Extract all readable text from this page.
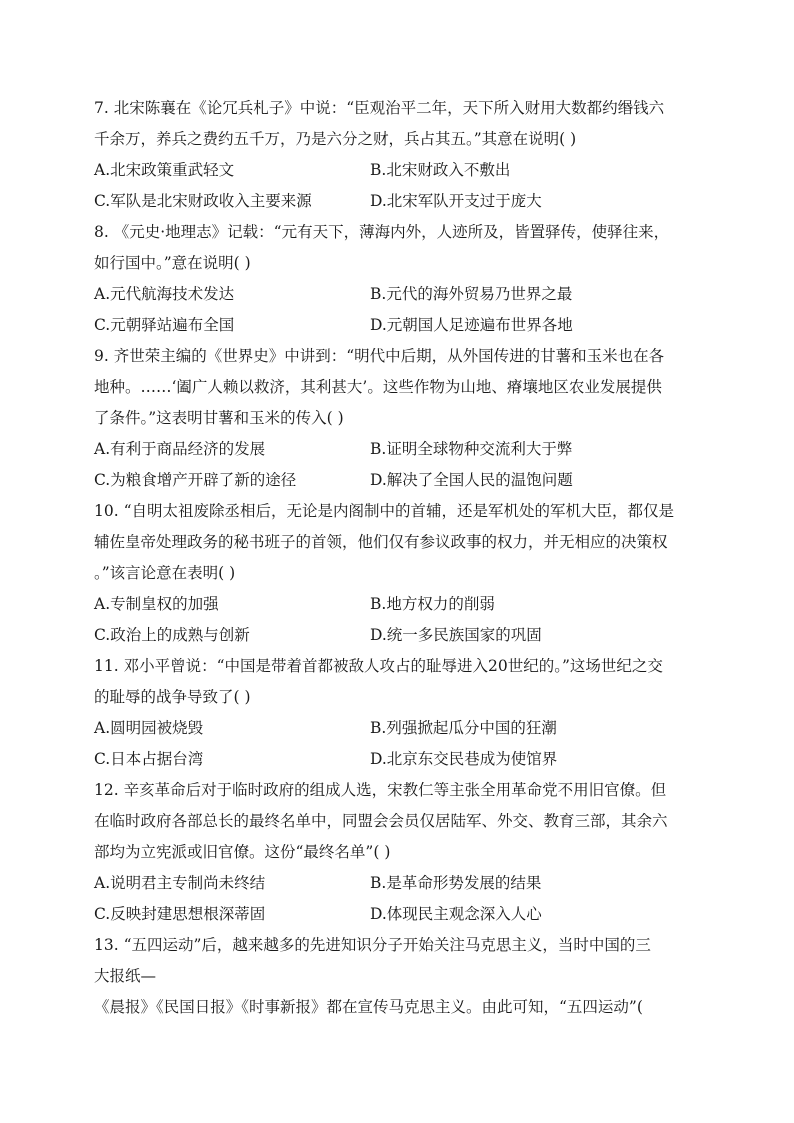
7. 北宋陈襄在《论冗兵札子》中说：“臣观治平二年，天下所入财用大数都约缗钱六
千余万，养兵之费约五千万，乃是六分之财，兵占其五。”其意在说明( )
A.北宋政策重武轻文	B.北宋财政入不敷出
C.军队是北宋财政收入主要来源	D.北宋军队开支过于庞大
8. 《元史·地理志》记载：“元有天下，薄海内外，人迹所及，皆置驿传，使驿往来，
如行国中。”意在说明( )
A.元代航海技术发达	B.元代的海外贸易乃世界之最
C.元朝驿站遍布全国	D.元朝国人足迹遍布世界各地
9. 齐世荣主编的《世界史》中讲到：“明代中后期，从外国传进的甘薯和玉米也在各
地种。……‘阖广人赖以救济，其利甚大’。这些作物为山地、瘠壤地区农业发展提供
了条件。”这表明甘薯和玉米的传入( )
A.有利于商品经济的发展	B.证明全球物种交流利大于弊
C.为粮食增产开辟了新的途径	D.解决了全国人民的温饱问题
10. “自明太祖废除丞相后，无论是内阁制中的首辅，还是军机处的军机大臣，都仅是
辅佐皇帝处理政务的秘书班子的首领，他们仅有参议政事的权力，并无相应的决策权
。”该言论意在表明( )
A.专制皇权的加强	B.地方权力的削弱
C.政治上的成熟与创新	D.统一多民族国家的巩固
11. 邓小平曾说：“中国是带着首都被敌人攻占的耻辱进入20世纪的。”这场世纪之交
的耻辱的战争导致了( )
A.圆明园被烧毁	B.列强掀起瓜分中国的狂潮
C.日本占据台湾	D.北京东交民巷成为使馆界
12. 辛亥革命后对于临时政府的组成人选，宋教仁等主张全用革命党不用旧官僚。但
在临时政府各部总长的最终名单中，同盟会会员仅居陆军、外交、教育三部，其余六
部均为立宪派或旧官僚。这份“最终名单”( )
A.说明君主专制尚未终结	B.是革命形势发展的结果
C.反映封建思想根深蒂固	D.体现民主观念深入人心
13. “五四运动”后，越来越多的先进知识分子开始关注马克思主义，当时中国的三
大报纸—
《晨报》《民国日报》《时事新报》都在宣传马克思主义。由此可知，“五四运动”(
